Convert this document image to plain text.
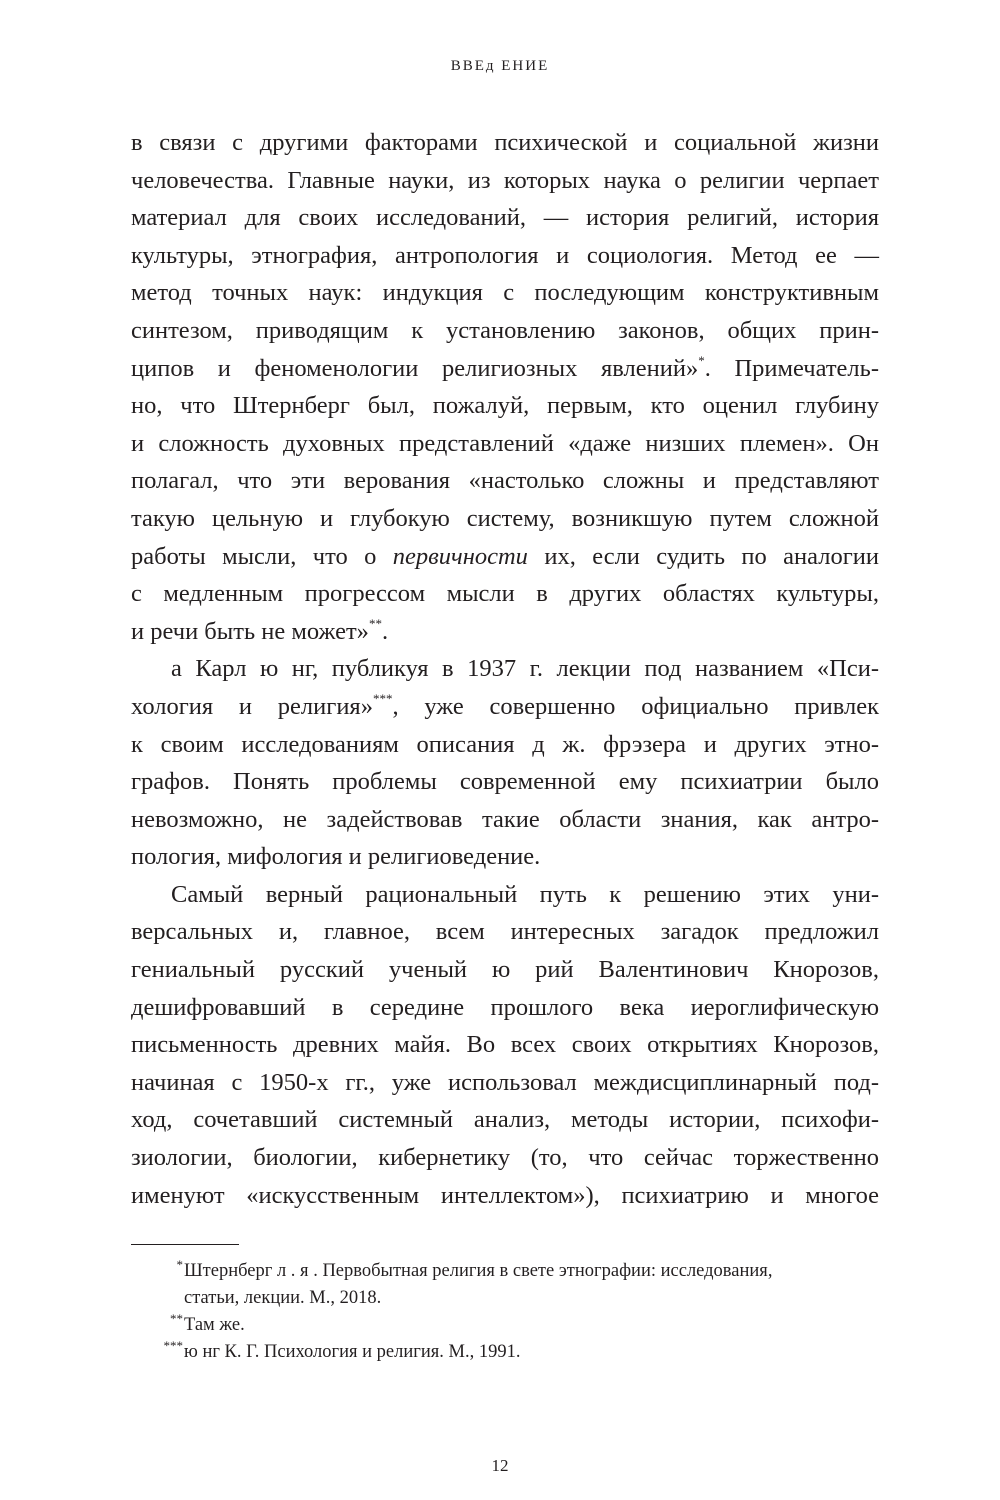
ВВЕд ЕНИЕ
в связи с другими факторами психической и социальной жизни
человечества. Главные науки, из которых наука о религии черпает
материал для своих исследований, — история религий, история
культуры, этнография, антропология и социология. Метод ее —
метод точных наук: индукция с последующим конструктивным
синтезом, приводящим к установлению законов, общих прин-
ципов и феноменологии религиозных явлений»*. Примечатель-
но, что Штернберг был, пожалуй, первым, кто оценил глубину
и сложность духовных представлений «даже низших племен». Он
полагал, что эти верования «настолько сложны и представляют
такую цельную и глубокую систему, возникшую путем сложной
работы мысли, что о первичности их, если судить по аналогии
с медленным прогрессом мысли в других областях культуры,
и речи быть не может»**.
а Карл ю нг, публикуя в 1937 г. лекции под названием «Пси-
хология и религия»***, уже совершенно официально привлек
к своим исследованиям описания д ж. фрэзера и других этно-
графов. Понять проблемы современной ему психиатрии было
невозможно, не задействовав такие области знания, как антро-
пология, мифология и религиоведение.
Самый верный рациональный путь к решению этих уни-
версальных и, главное, всем интересных загадок предложил
гениальный русский ученый ю рий Валентинович Кнорозов,
дешифровавший в середине прошлого века иероглифическую
письменность древних майя. Во всех своих открытиях Кнорозов,
начиная с 1950-х гг., уже использовал междисциплинарный под-
ход, сочетавший системный анализ, методы истории, психофи-
зиологии, биологии, кибернетику (то, что сейчас торжественно
именуют «искусственным интеллектом»), психиатрию и многое
* Штернберг л . я . Первобытная религия в свете этнографии: исследования,
статьи, лекции. М., 2018.
** Там же.
*** ю нг К. Г. Психология и религия. М., 1991.
12
